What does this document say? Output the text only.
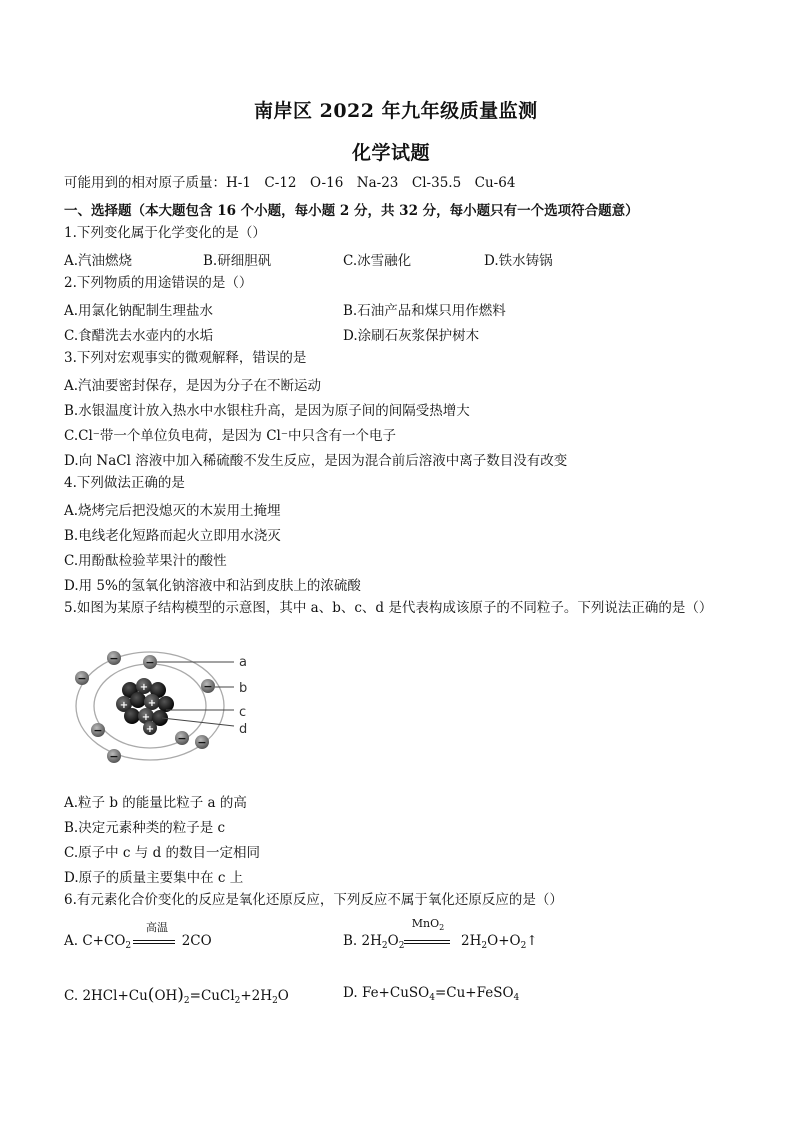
南岸区 2022 年九年级质量监测
化学试题
可能用到的相对原子质量：H-1　C-12　O-16　Na-23　Cl-35.5　Cu-64
一、选择题（本大题包含 16 个小题，每小题 2 分，共 32 分，每小题只有一个选项符合题意）
1.下列变化属于化学变化的是（）
A.汽油燃烧	B.研细胆矾	C.冰雪融化	D.铁水铸锅
2.下列物质的用途错误的是（）
A.用氯化钠配制生理盐水	B.石油产品和煤只用作燃料
C.食醋洗去水壶内的水垢	D.涂刷石灰浆保护树木
3.下列对宏观事实的微观解释，错误的是
A.汽油要密封保存，是因为分子在不断运动
B.水银温度计放入热水中水银柱升高，是因为原子间的间隔受热增大
C.Cl⁻带一个单位负电荷，是因为 Cl⁻中只含有一个电子
D.向 NaCl 溶液中加入稀硫酸不发生反应，是因为混合前后溶液中离子数目没有改变
4.下列做法正确的是
A.烧烤完后把没熄灭的木炭用土掩埋
B.电线老化短路而起火立即用水浇灭
C.用酚酞检验苹果汁的酸性
D.用 5%的氢氧化钠溶液中和沾到皮肤上的浓硫酸
5.如图为某原子结构模型的示意图，其中 a、b、c、d 是代表构成该原子的不同粒子。下列说法正确的是（）
+
+ +
+
+
−
−
−
−
−
−
−
−
a
b
c
d
A.粒子 b 的能量比粒子 a 的高
B.决定元素种类的粒子是 c
C.原子中 c 与 d 的数目一定相同
D.原子的质量主要集中在 c 上
6.有元素化合价变化的反应是氧化还原反应，下列反应不属于氧化还原反应的是（）
A. $C+CO_2$	2CO
高温
B. $2H_2O_2$	$2H_2O+O_2↑$
MnO$_2$
C. $2HCl+Cu(OH)_2=CuCl_2+2H_2O$	D. Fe+CuSO$_4$=Cu+FeSO$_4$
